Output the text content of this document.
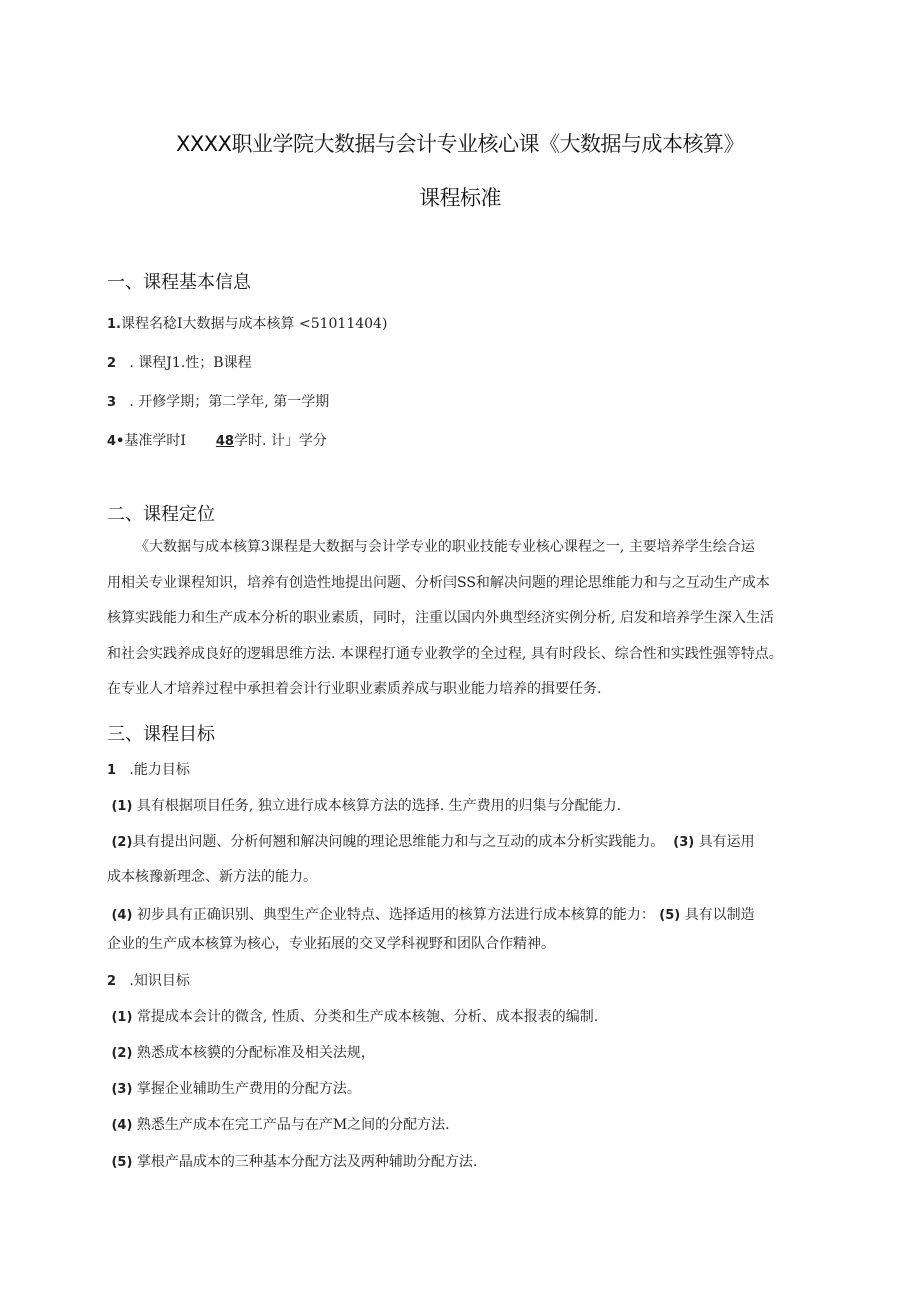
XXXX职业学院大数据与会计专业核心课《大数据与成本核算》
课程标准
一、课程基本信息
1.课程名稔I大数据与成本核算 <51011404)
2 . 课程J1.性；B课程
3 . 开修学期；第二学年, 第一学期
4•基准学时I 48学时. 计」学分
二、课程定位

《大数据与成本核算3课程是大数据与会计学专业的职业技能专业核心课程之一, 主要培养学生绘合运

用相关专业课程知识，培养有创造性地提出问题、分析闫SS和解决问题的理论思维能力和与之互动生产成本

核算实践能力和生产成本分析的职业素质，同时，注重以国内外典型经济实例分析, 启发和培养学生深入生活

和社会实践养成良好的逻辑思维方法. 本课程打通专业教学的全过程, 具有时段长、综合性和实践性强等特点。

在专业人才培养过程中承担着会计行业职业素质养成与职业能力培养的揖要任务.

三、课程目标
1 .能力目标
(1) 具有根据项目任务, 独立进行成本核算方法的选择. 生产费用的归集与分配能力.
(2)具有提出问题、分析何翘和解决问魄的理论思维能力和与之互动的成本分析实践能力。 (3) 具有运用
成本核豫新理念、新方法的能力。
(4) 初步具有正确识别、典型生产企业特点、选择适用的核算方法进行成本核算的能力： (5) 具有以制造
企业的生产成本核算为核心，专业拓展的交叉学科视野和团队合作精神。
2 .知识目标
(1) 常提成本会计的微含, 性质、分类和生产成本核匏、分析、成本报表的编制.
(2) 熟悉成本核貘的分配标准及相关法规，
(3) 掌握企业辅助生产费用的分配方法。
(4) 熟悉生产成本在完工产品与在产M之间的分配方法.
(5) 掌根产晶成本的三种基本分配方法及两种辅助分配方法.
